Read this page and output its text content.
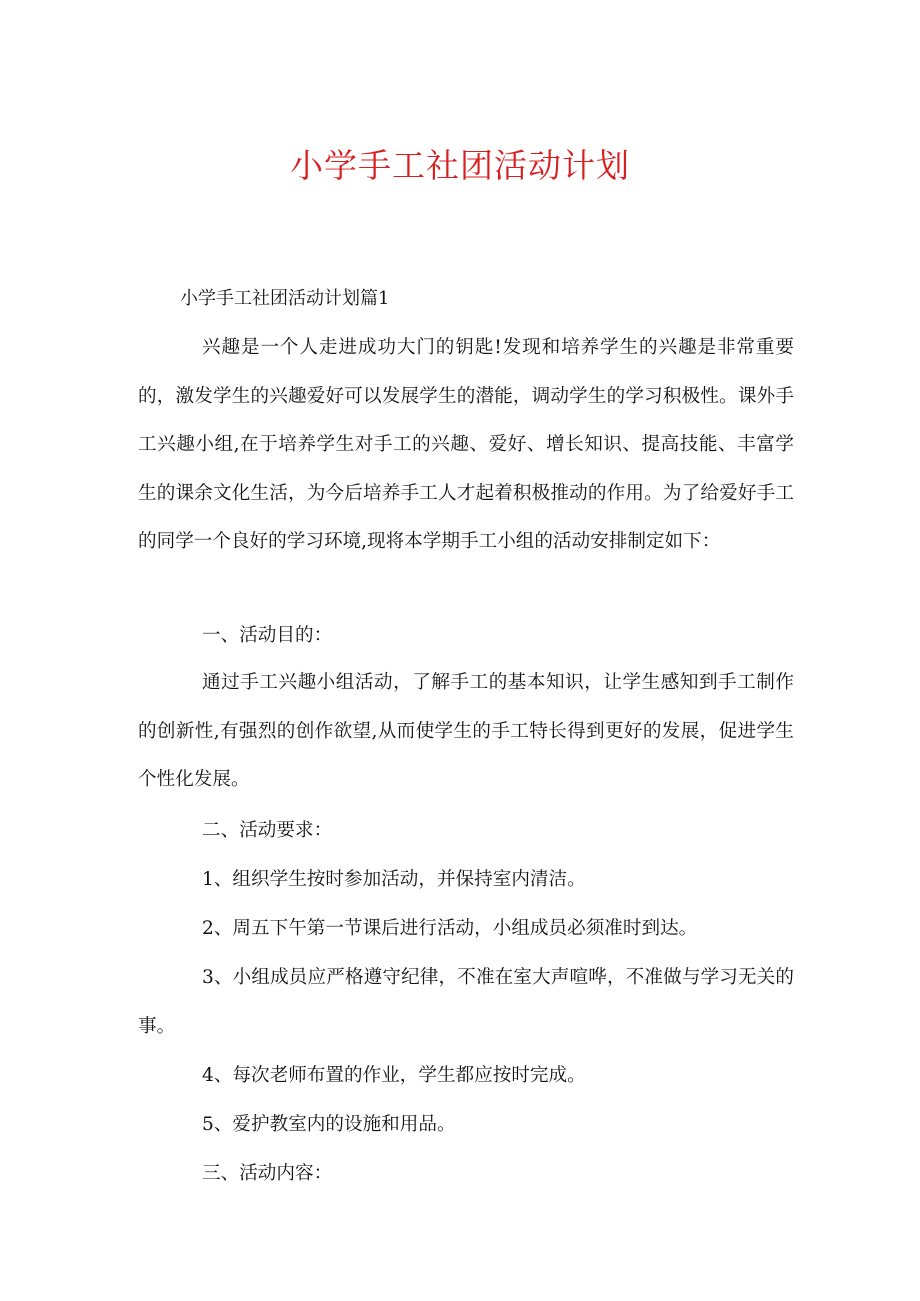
小学手工社团活动计划
小学手工社团活动计划篇1

兴趣是一个人走进成功大门的钥匙!发现和培养学生的兴趣是非常重要的，激发学生的兴趣爱好可以发展学生的潜能，调动学生的学习积极性。课外手工兴趣小组,在于培养学生对手工的兴趣、爱好、增长知识、提高技能、丰富学生的课余文化生活，为今后培养手工人才起着积极推动的作用。为了给爱好手工的同学一个良好的学习环境,现将本学期手工小组的活动安排制定如下：

一、活动目的：

通过手工兴趣小组活动，了解手工的基本知识，让学生感知到手工制作的创新性,有强烈的创作欲望,从而使学生的手工特长得到更好的发展，促进学生个性化发展。

二、活动要求：
1、组织学生按时参加活动，并保持室内清洁。
2、周五下午第一节课后进行活动，小组成员必须准时到达。

3、小组成员应严格遵守纪律，不准在室大声喧哗，不准做与学习无关的事。

4、每次老师布置的作业，学生都应按时完成。
5、爱护教室内的设施和用品。
三、活动内容：
